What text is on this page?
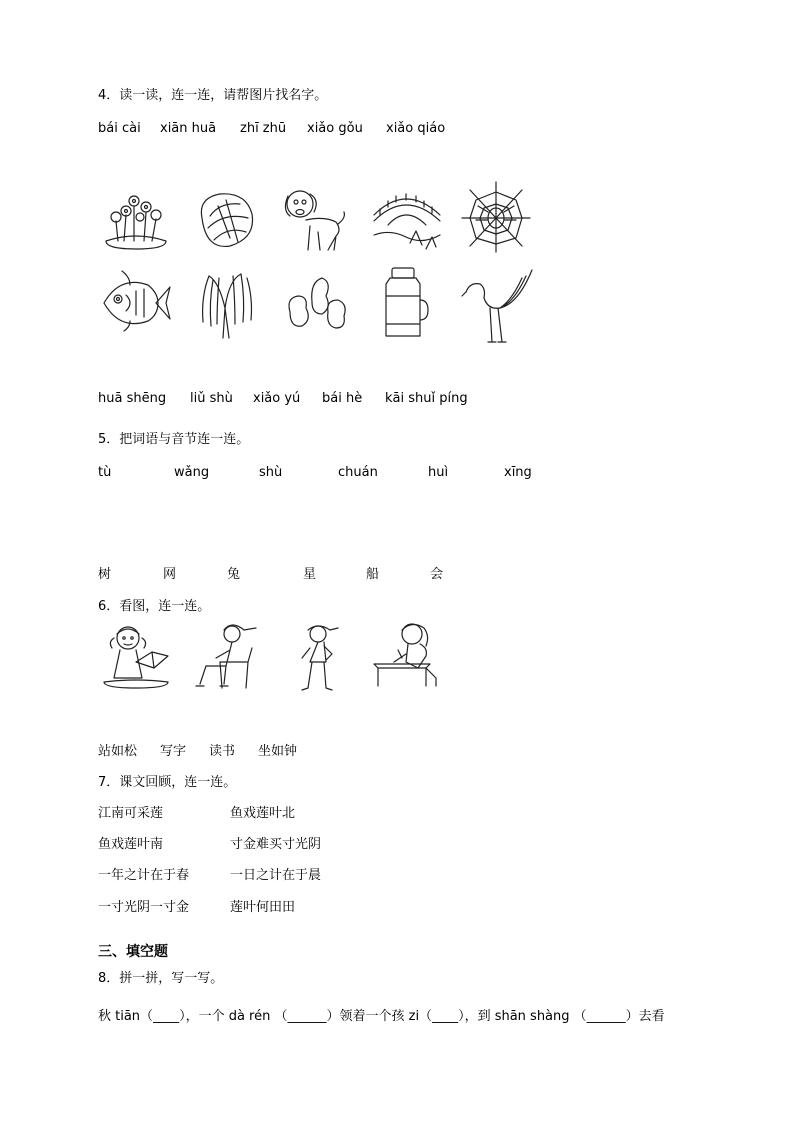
4．读一读，连一连，请帮图片找名字。
bái cài xiān huā zhī zhū xiǎo gǒu xiǎo qiáo
huā shēng liǔ shù xiǎo yú bái hè kāi shuǐ píng
5．把词语与音节连一连。
tù	wǎng	shù	chuán	huì	xīng
树	网	兔	星	船	会
6．看图，连一连。
站如松 写字 读书 坐如钟
7．课文回顾，连一连。
江南可采莲	鱼戏莲叶北
鱼戏莲叶南	寸金难买寸光阴
一年之计在于春	一日之计在于晨
一寸光阴一寸金	莲叶何田田
三、填空题
8．拼一拼，写一写。
秋 tiān（____），一个 dà rén （______）领着一个孩 zi（____），到 shān shàng （______）去看
